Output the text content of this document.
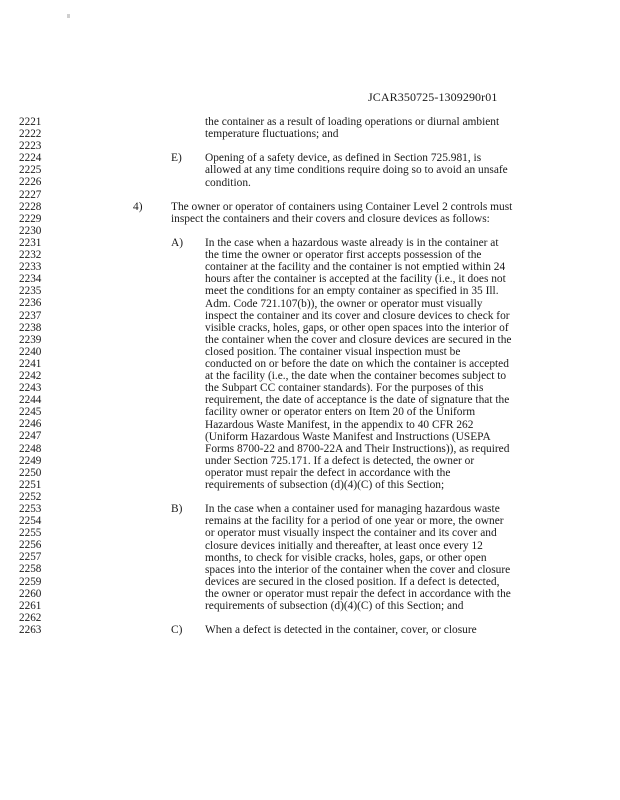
JCAR350725-1309290r01
2221
2222
2223
2224
2225
2226
2227
2228
2229
2230
2231
2232
2233
2234
2235
2236
2237
2238
2239
2240
2241
2242
2243
2244
2245
2246
2247
2248
2249
2250
2251
2252
2253
2254
2255
2256
2257
2258
2259
2260
2261
2262
2263
the container as a result of loading operations or diurnal ambient
temperature fluctuations; and
E) Opening of a safety device, as defined in Section 725.981, is
allowed at any time conditions require doing so to avoid an unsafe
condition.
4)	The owner or operator of containers using Container Level 2 controls must
inspect the containers and their covers and closure devices as follows:
A) In the case when a hazardous waste already is in the container at
the time the owner or operator first accepts possession of the
container at the facility and the container is not emptied within 24
hours after the container is accepted at the facility (i.e., it does not
meet the conditions for an empty container as specified in 35 Ill.
Adm. Code 721.107(b)), the owner or operator must visually
inspect the container and its cover and closure devices to check for
visible cracks, holes, gaps, or other open spaces into the interior of
the container when the cover and closure devices are secured in the
closed position. The container visual inspection must be
conducted on or before the date on which the container is accepted
at the facility (i.e., the date when the container becomes subject to
the Subpart CC container standards). For the purposes of this
requirement, the date of acceptance is the date of signature that the
facility owner or operator enters on Item 20 of the Uniform
Hazardous Waste Manifest, in the appendix to 40 CFR 262
(Uniform Hazardous Waste Manifest and Instructions (USEPA
Forms 8700-22 and 8700-22A and Their Instructions)), as required
under Section 725.171. If a defect is detected, the owner or
operator must repair the defect in accordance with the
requirements of subsection (d)(4)(C) of this Section;
B) In the case when a container used for managing hazardous waste
remains at the facility for a period of one year or more, the owner
or operator must visually inspect the container and its cover and
closure devices initially and thereafter, at least once every 12
months, to check for visible cracks, holes, gaps, or other open
spaces into the interior of the container when the cover and closure
devices are secured in the closed position. If a defect is detected,
the owner or operator must repair the defect in accordance with the
requirements of subsection (d)(4)(C) of this Section; and
C) When a defect is detected in the container, cover, or closure
